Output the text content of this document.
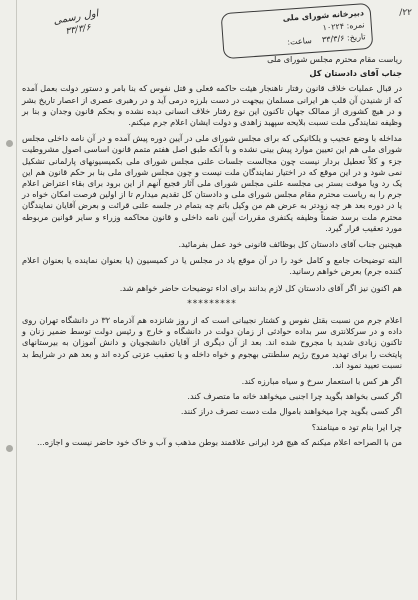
اول رسمی
۳۳/۳/۶
دبیرخانه شورای ملی
نمره: ۱۰۲۲۴
تاریخ: ۳۳/۳/۶    ساعت:
/۲۲

ریاست مقام محترم مجلس شورای ملی

جناب آقای دادستان کل

در قبال عملیات خلاف قانون رفتار ناهنجار هیئت حاکمه فعلی و قتل نفوس که بنا بامر و دستور دولت بعمل آمده که از شنیدن آن قلب هر ایرانی مسلمان بیجهت در دست بلرزه درمی آید و در رهبری عصری از اعصار تاریخ بشر و در هیچ کشوری از ممالک جهان تاکنون این نوع رفتار خلاف انسانی دیده نشده و بحکم قانون وجدان و بنا بر وظیفه نمایندگی ملت نسبت بلایحه سپهبد زاهدی و دولت ایشان اعلام جرم میکنم.

مداخله با وضع عجیب و یلکانیکی که برای مجلس شورای ملی در آیین دوره پیش آمده و در آن نامه داخلی مجلس شورای ملی هم این تعیین موارد پیش بینی نشده و با آنکه طبق اصل هفتم متمم قانون اساسی اصول مشروطیت جزء و کلاً تعطیل بردار نیست چون مجالست جلسات علنی مجلس شورای ملی بکمیسیونهای پارلمانی تشکیل نمی شود و در این موقع که در اختیار نمایندگان ملت نیست و چون مجلس شورای ملی بنا بر حکم قانون هم این یک رد ویا موقت بستر بی مجلسه علنی مجلس شورای ملی آثار فجیع آنهم از این برود برای بقاء اعتراض اعلام جرم را به ریاست محترم مقام مجلس شورای ملی و دادستان کل تقدیم میدارم تا از اولین فرصت امکان خواه در یا در دوره بعد هر چه زودتر به عرض هم من وکیل باتم چه بتمام در جلسه علنی قرائت و بعرض آقایان نمایندگان محترم ملت برسد ضمناً وظیفه یکنفری مقررات آیین نامه داخلی و قانون محاکمه وزراء و سایر قوانین مربوطه مورد تعقیب قرار گیرد.

هیچنین جناب آقای دادستان کل بوظائف قانونی خود عمل بفرمائید.

البته توضیحات جامع و کامل خود را در آن موقع یاد در مجلس یا در کمیسیون (یا بعنوان نماینده یا بعنوان اعلام کننده جرم) بعرض خواهم رسانید.

هم اکنون نیز اگر آقای دادستان کل لازم بدانند برای اداء توضیحات حاضر خواهم شد.

*********

اعلام جرم من نسبت بقتل نفوس و کشتار نجیبانی است که از روز شانزده هم آذرماه ۳۲ در دانشگاه تهران روی داده و در سرکلانتری سر بداده حوادثی از زمان دولت در دانشگاه و خارج و رئیس دولت توسط ضمیر زنان و تاکنون زیادی شدید با مجروح شده اند. بعد از آن دیگری از آقایان دانشجویان و دانش آموزان به بیرستانهای پایتخت را برای تهدید مروج رژیم سلطنتی بهجوم و خواه داخله و یا تعقیب عزتی کرده اند و بعد هم در شرایط بد نسبت تعیید نمود اند.

اگر هر کس با استعمار سرخ و سیاه مبارزه کند.
اگر کسی بخواهد بگوید چرا اجنبی میخواهد خانه ما متصرف کند.
اگر کسی بگوید چرا میخواهند باموال ملت دست تصرف دراز کنند.
چرا ایرا بنام تود ه مینامند؟

من با الصراحه اعلام میکنم که هیچ فرد ایرانی علاقمند بوطن مذهب و آب و خاک خود حاضر نیست و اجازه...
